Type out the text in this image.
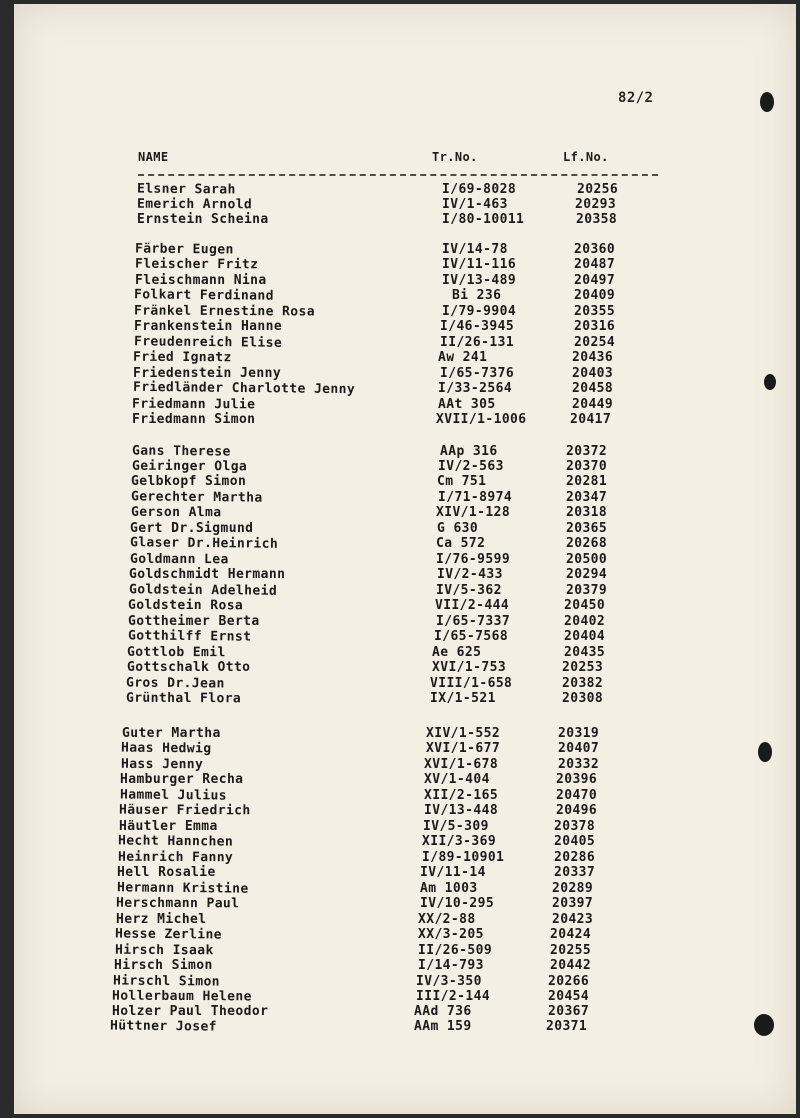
82/2
NAME	Tr.No.	Lf.No.
Elsner Sarah	I/69-8028	20256
Emerich Arnold	IV/1-463	20293
Ernstein Scheina	I/80-10011	20358
Färber Eugen	IV/14-78	20360
Fleischer Fritz	IV/11-116	20487
Fleischmann Nina	IV/13-489	20497
Folkart Ferdinand	Bi 236	20409
Fränkel Ernestine Rosa	I/79-9904	20355
Frankenstein Hanne	I/46-3945	20316
Freudenreich Elise	II/26-131	20254
Fried Ignatz	Aw 241	20436
Friedenstein Jenny	I/65-7376	20403
Friedländer Charlotte Jenny	I/33-2564	20458
Friedmann Julie	AAt 305	20449
Friedmann Simon	XVII/1-1006	20417
Gans Therese	AAp 316	20372
Geiringer Olga	IV/2-563	20370
Gelbkopf Simon	Cm 751	20281
Gerechter Martha	I/71-8974	20347
Gerson Alma	XIV/1-128	20318
Gert Dr.Sigmund	G 630	20365
Glaser Dr.Heinrich	Ca 572	20268
Goldmann Lea	I/76-9599	20500
Goldschmidt Hermann	IV/2-433	20294
Goldstein Adelheid	IV/5-362	20379
Goldstein Rosa	VII/2-444	20450
Gottheimer Berta	I/65-7337	20402
Gotthilff Ernst	I/65-7568	20404
Gottlob Emil	Ae 625	20435
Gottschalk Otto	XVI/1-753	20253
Gros Dr.Jean	VIII/1-658	20382
Grünthal Flora	IX/1-521	20308
Guter Martha	XIV/1-552	20319
Haas Hedwig	XVI/1-677	20407
Hass Jenny	XVI/1-678	20332
Hamburger Recha	XV/1-404	20396
Hammel Julius	XII/2-165	20470
Häuser Friedrich	IV/13-448	20496
Häutler Emma	IV/5-309	20378
Hecht Hannchen	XII/3-369	20405
Heinrich Fanny	I/89-10901	20286
Hell Rosalie	IV/11-14	20337
Hermann Kristine	Am 1003	20289
Herschmann Paul	IV/10-295	20397
Herz Michel	XX/2-88	20423
Hesse Zerline	XX/3-205	20424
Hirsch Isaak	II/26-509	20255
Hirsch Simon	I/14-793	20442
Hirschl Simon	IV/3-350	20266
Hollerbaum Helene	III/2-144	20454
Holzer Paul Theodor	AAd 736	20367
Hüttner Josef	AAm 159	20371
